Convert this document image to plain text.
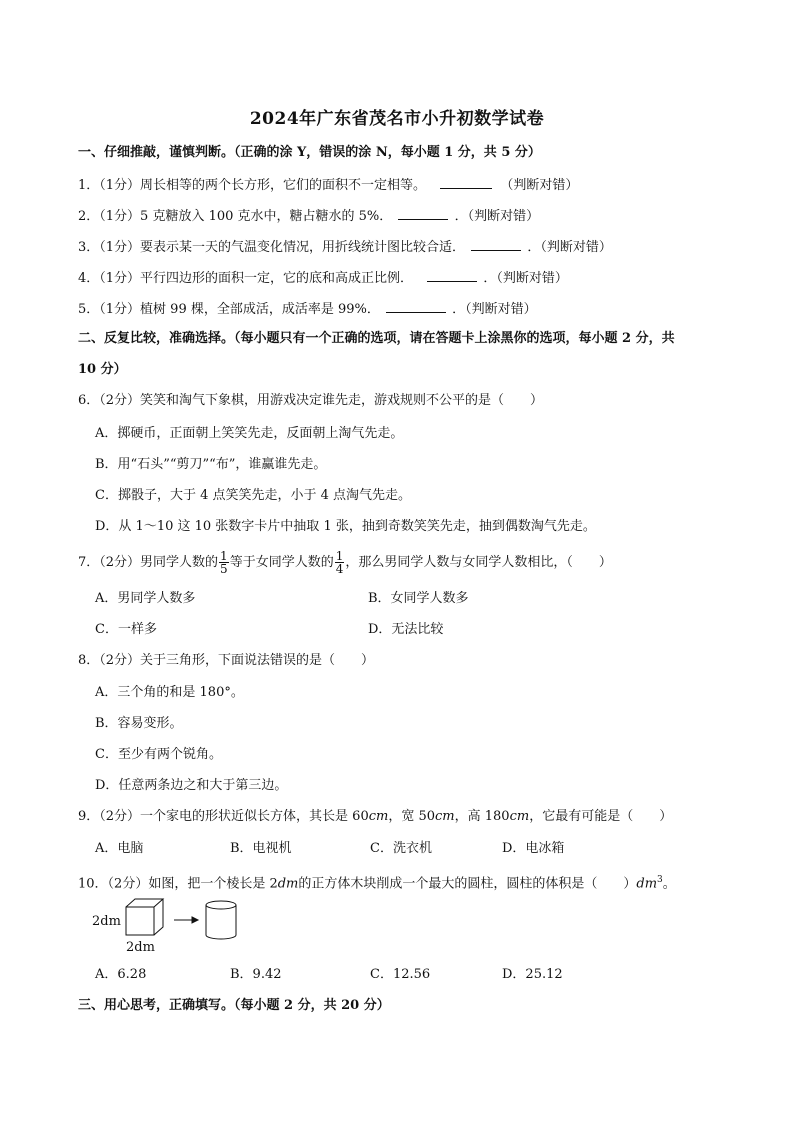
2024年广东省茂名市小升初数学试卷
一、仔细推敲，谨慎判断。（正确的涂 Y，错误的涂 N，每小题 1 分，共 5 分）
1．（1分）周长相等的两个长方形，它们的面积不一定相等。	（判断对错）
2．（1分）5 克糖放入 100 克水中，糖占糖水的 5%．	．（判断对错）
3．（1分）要表示某一天的气温变化情况，用折线统计图比较合适．	．（判断对错）
4．（1分）平行四边形的面积一定，它的底和高成正比例．	．（判断对错）
5．（1分）植树 99 棵，全部成活，成活率是 99%．	．（判断对错）
二、反复比较，准确选择。（每小题只有一个正确的选项，请在答题卡上涂黑你的选项，每小题 2 分，共
10 分）
6．（2分）笑笑和淘气下象棋，用游戏决定谁先走，游戏规则不公平的是（　　）
A．掷硬币，正面朝上笑笑先走，反面朝上淘气先走。
B．用“石头”“剪刀”“布”，谁赢谁先走。
C．掷骰子，大于 4 点笑笑先走，小于 4 点淘气先走。
D．从 1～10 这 10 张数字卡片中抽取 1 张，抽到奇数笑笑先走，抽到偶数淘气先走。
7．（2分）男同学人数的 $\frac{1}{5}$ 等于女同学人数的 $\frac{1}{4}$ ，那么男同学人数与女同学人数相比，（　　）
A．男同学人数多	B．女同学人数多
C．一样多	D．无法比较
8．（2分）关于三角形，下面说法错误的是（　　）
A．三个角的和是 180°。
B．容易变形。
C．至少有两个锐角。
D．任意两条边之和大于第三边。
9．（2分）一个家电的形状近似长方体，其长是 60cm，宽 50cm，高 180cm，它最有可能是（　　）
A．电脑	B．电视机	C．洗衣机	D．电冰箱
10．（2分）如图，把一个棱长是 2dm的正方体木块削成一个最大的圆柱，圆柱的体积是（　　）$dm^3$。
2dm
2dm
A．6.28	B．9.42	C．12.56	D．25.12
三、用心思考，正确填写。（每小题 2 分，共 20 分）
